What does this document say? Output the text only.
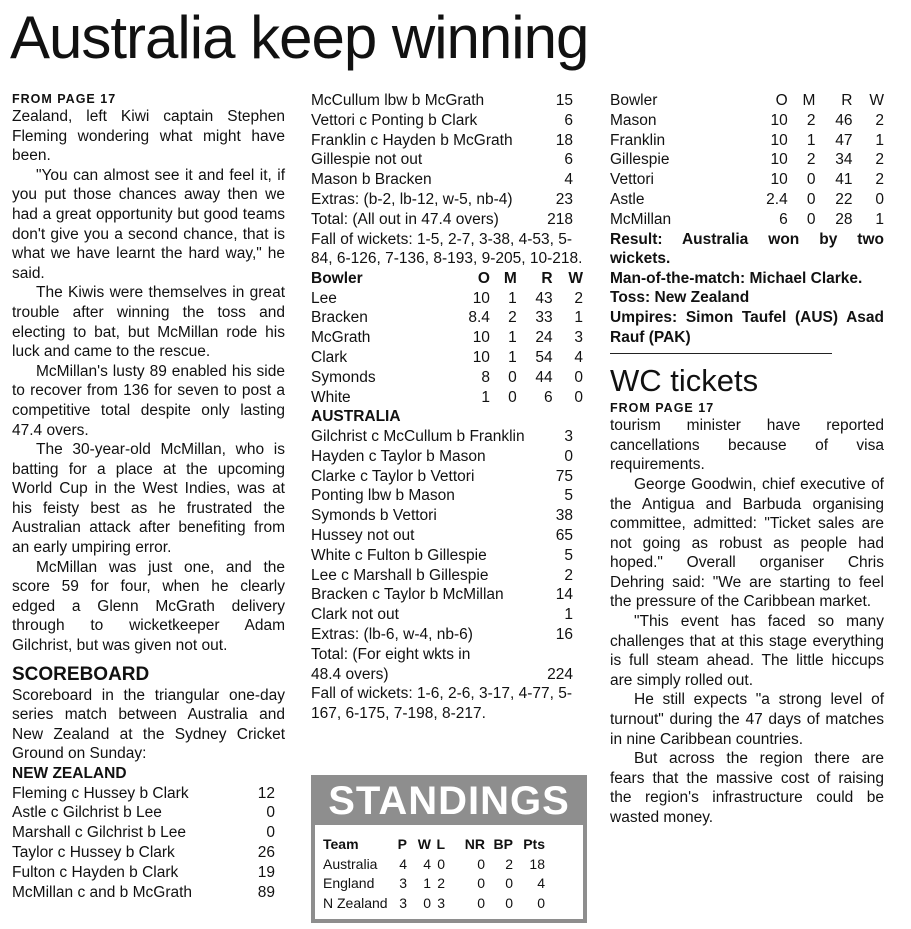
Australia keep winning
FROM PAGE 17

Zealand, left Kiwi captain Stephen Fleming wondering what might have been.

"You can almost see it and feel it, if you put those chances away then we had a great opportunity but good teams don't give you a second chance, that is what we have learnt the hard way," he said.

The Kiwis were themselves in great trouble after winning the toss and electing to bat, but McMillan rode his luck and came to the rescue.

McMillan's lusty 89 enabled his side to recover from 136 for seven to post a competitive total despite only lasting 47.4 overs.

The 30-year-old McMillan, who is batting for a place at the upcoming World Cup in the West Indies, was at his feisty best as he frustrated the Australian attack after benefiting from an early umpiring error.

McMillan was just one, and the score 59 for four, when he clearly edged a Glenn McGrath delivery through to wicketkeeper Adam Gilchrist, but was given not out.

SCOREBOARD

Scoreboard in the triangular one-day series match between Australia and New Zealand at the Sydney Cricket Ground on Sunday:

NEW ZEALAND
Fleming c Hussey b Clark	12
Astle c Gilchrist b Lee	0
Marshall c Gilchrist b Lee	0
Taylor c Hussey b Clark	26
Fulton c Hayden b Clark	19
McMillan c and b McGrath	89
McCullum lbw b McGrath	15
Vettori c Ponting b Clark	6
Franklin c Hayden b McGrath	18
Gillespie not out	6
Mason b Bracken	4
Extras: (b-2, lb-12, w-5, nb-4)	23
Total: (All out in 47.4 overs)	218
Fall of wickets: 1-5, 2-7, 3-38, 4-53, 5-84, 6-126, 7-136, 8-193, 9-205, 10-218.
Bowler	O	M	R	W
Lee	10	1	43	2
Bracken	8.4	2	33	1
McGrath	10	1	24	3
Clark	10	1	54	4
Symonds	8	0	44	0
White	1	0	6	0
AUSTRALIA
Gilchrist c McCullum b Franklin	3
Hayden c Taylor b Mason	0
Clarke c Taylor b Vettori	75
Ponting lbw b Mason	5
Symonds b Vettori	38
Hussey not out	65
White c Fulton b Gillespie	5
Lee c Marshall b Gillespie	2
Bracken c Taylor b McMillan	14
Clark not out	1
Extras: (lb-6, w-4, nb-6)	16
Total: (For eight wkts in 48.4 overs)	224
Fall of wickets: 1-6, 2-6, 3-17, 4-77, 5-167, 6-175, 7-198, 8-217.
STANDINGS
Team	P	W	L	NR	BP	Pts
Australia	4	4	0	0	2	18
England	3	1	2	0	0	4
N Zealand	3	0	3	0	0	0
Bowler	O	M	R	W
Mason	10	2	46	2
Franklin	10	1	47	1
Gillespie	10	2	34	2
Vettori	10	0	41	2
Astle	2.4	0	22	0
McMillan	6	0	28	1

Result: Australia won by two wickets.

Man-of-the-match: Michael Clarke.

Toss: New Zealand

Umpires: Simon Taufel (AUS) Asad Rauf (PAK)

WC tickets
FROM PAGE 17

tourism minister have reported cancellations because of visa requirements.

George Goodwin, chief executive of the Antigua and Barbuda organising committee, admitted: "Ticket sales are not going as robust as people had hoped." Overall organiser Chris Dehring said: "We are starting to feel the pressure of the Caribbean market.

"This event has faced so many challenges that at this stage everything is full steam ahead. The little hiccups are simply rolled out.

He still expects "a strong level of turnout" during the 47 days of matches in nine Caribbean countries.

But across the region there are fears that the massive cost of raising the region's infrastructure could be wasted money.
